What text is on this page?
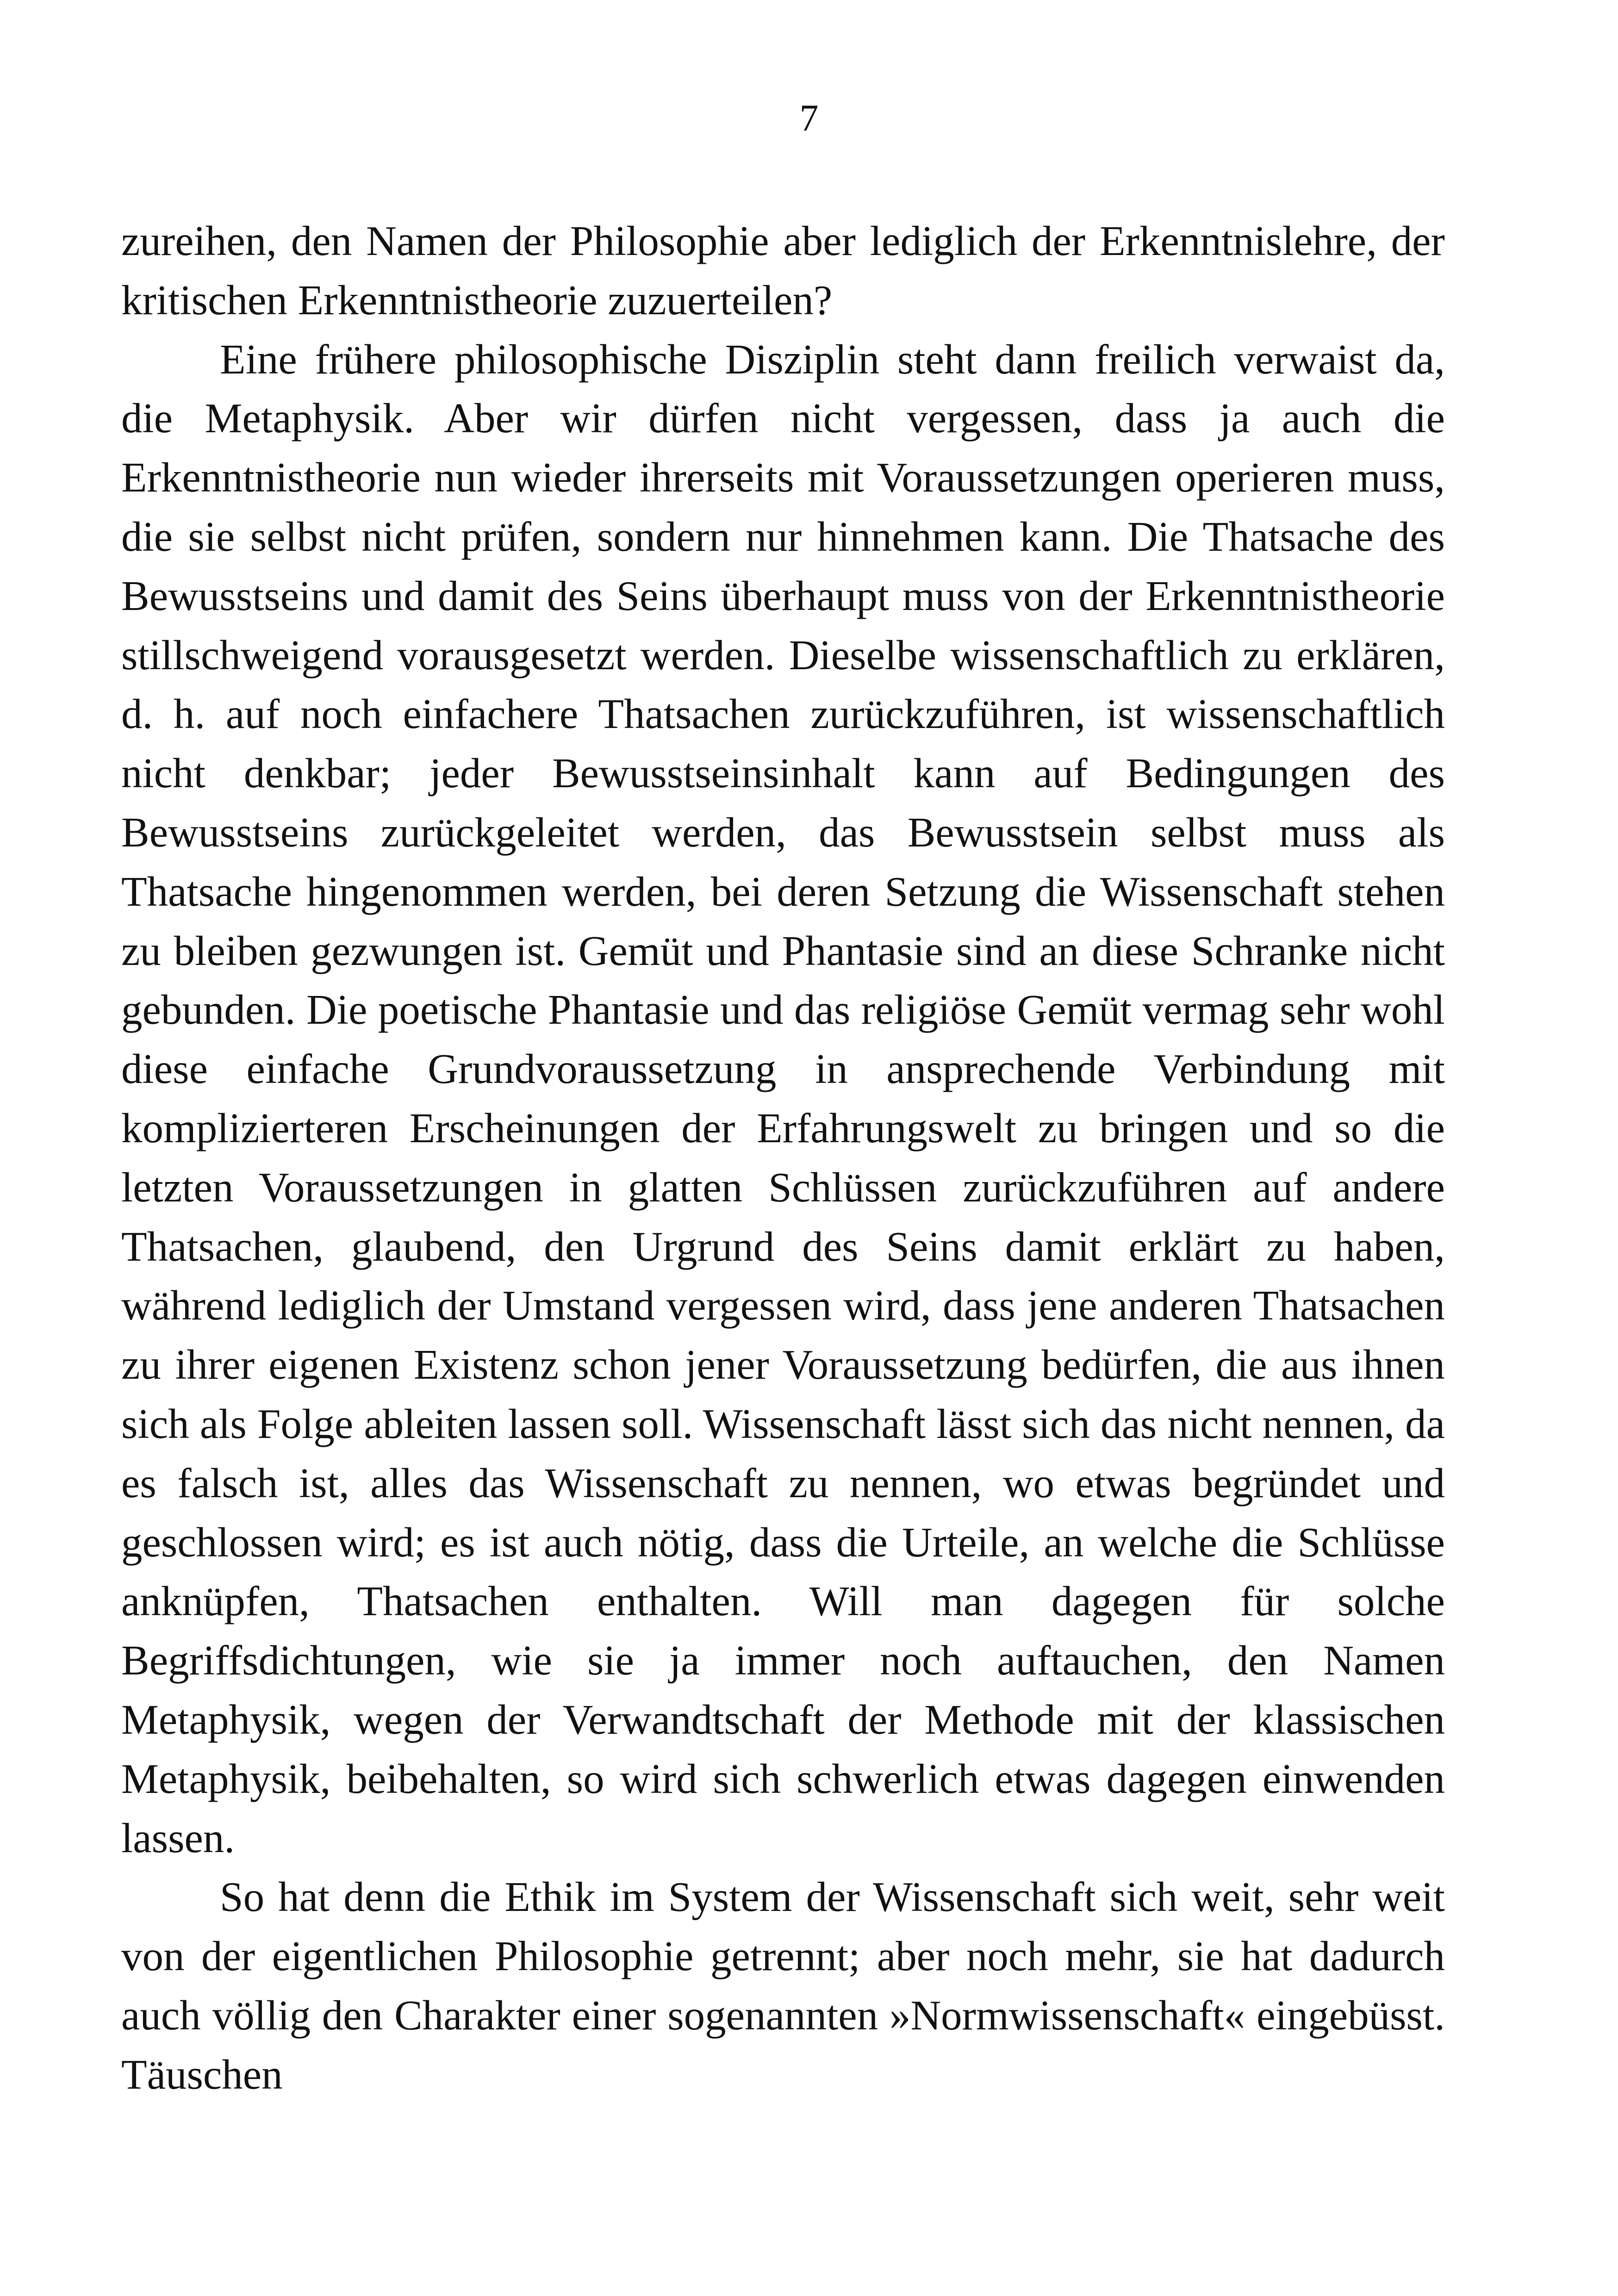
7

zureihen, den Namen der Philosophie aber lediglich der Erkenntnislehre, der kritischen Erkenntnistheorie zuzuerteilen?

Eine frühere philosophische Disziplin steht dann freilich verwaist da, die Metaphysik. Aber wir dürfen nicht vergessen, dass ja auch die Erkenntnistheorie nun wieder ihrerseits mit Voraussetzungen operieren muss, die sie selbst nicht prüfen, sondern nur hinnehmen kann. Die Thatsache des Bewusstseins und damit des Seins überhaupt muss von der Erkenntnistheorie stillschweigend vorausgesetzt werden. Dieselbe wissenschaftlich zu erklären, d. h. auf noch einfachere Thatsachen zurückzuführen, ist wissenschaftlich nicht denkbar; jeder Bewusstseinsinhalt kann auf Bedingungen des Bewusstseins zurückgeleitet werden, das Bewusstsein selbst muss als Thatsache hingenommen werden, bei deren Setzung die Wissenschaft stehen zu bleiben gezwungen ist. Gemüt und Phantasie sind an diese Schranke nicht gebunden. Die poetische Phantasie und das religiöse Gemüt vermag sehr wohl diese einfache Grundvoraussetzung in ansprechende Verbindung mit komplizierteren Erscheinungen der Erfahrungswelt zu bringen und so die letzten Voraussetzungen in glatten Schlüssen zurückzuführen auf andere Thatsachen, glaubend, den Urgrund des Seins damit erklärt zu haben, während lediglich der Umstand vergessen wird, dass jene anderen Thatsachen zu ihrer eigenen Existenz schon jener Voraussetzung bedürfen, die aus ihnen sich als Folge ableiten lassen soll. Wissenschaft lässt sich das nicht nennen, da es falsch ist, alles das Wissenschaft zu nennen, wo etwas begründet und geschlossen wird; es ist auch nötig, dass die Urteile, an welche die Schlüsse anknüpfen, Thatsachen enthalten. Will man dagegen für solche Begriffsdichtungen, wie sie ja immer noch auftauchen, den Namen Metaphysik, wegen der Verwandtschaft der Methode mit der klassischen Metaphysik, beibehalten, so wird sich schwerlich etwas dagegen einwenden lassen.

So hat denn die Ethik im System der Wissenschaft sich weit, sehr weit von der eigentlichen Philosophie getrennt; aber noch mehr, sie hat dadurch auch völlig den Charakter einer sogenannten »Normwissenschaft« eingebüsst. Täuschen
